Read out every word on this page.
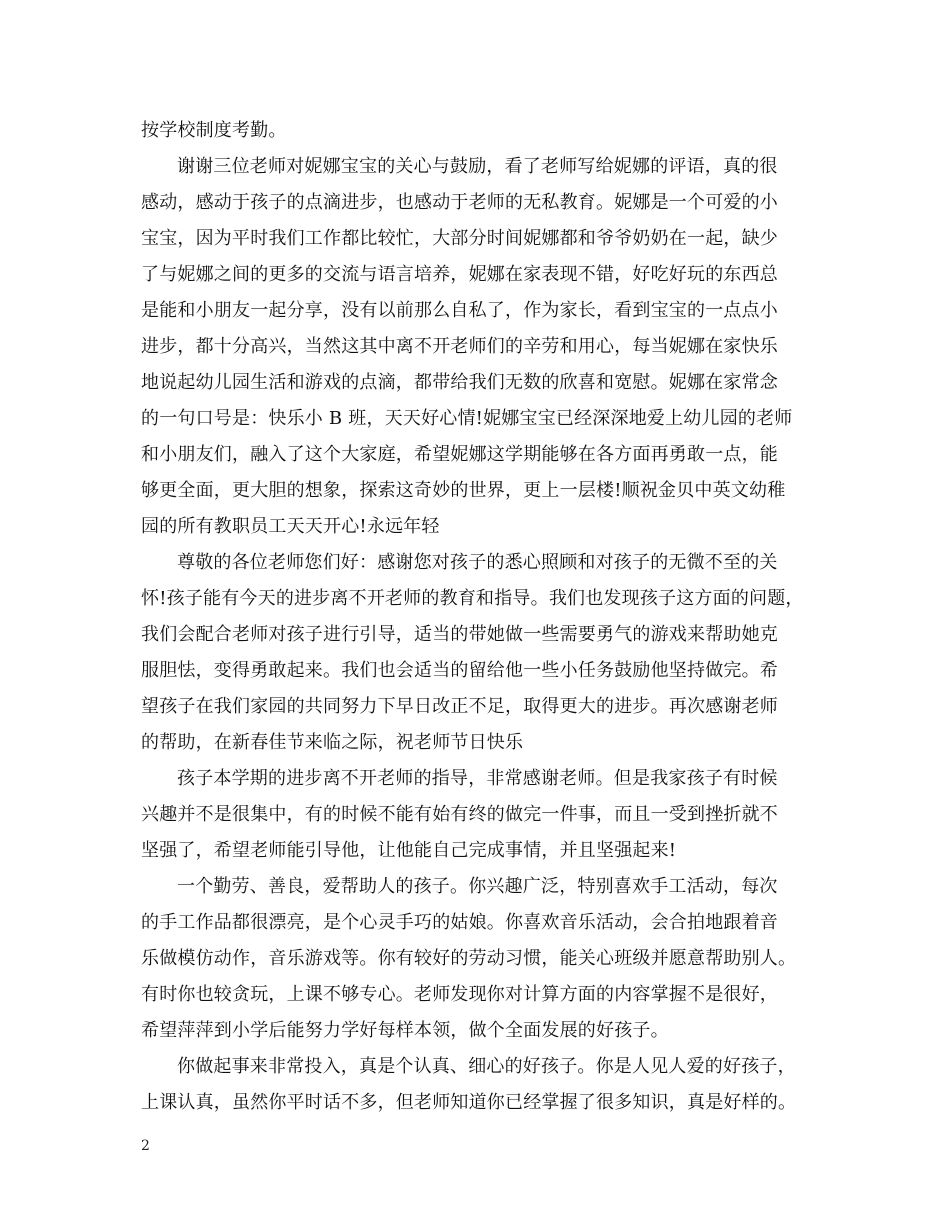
按学校制度考勤。
谢谢三位老师对妮娜宝宝的关心与鼓励，看了老师写给妮娜的评语，真的很
感动，感动于孩子的点滴进步，也感动于老师的无私教育。妮娜是一个可爱的小
宝宝，因为平时我们工作都比较忙，大部分时间妮娜都和爷爷奶奶在一起，缺少
了与妮娜之间的更多的交流与语言培养，妮娜在家表现不错，好吃好玩的东西总
是能和小朋友一起分享，没有以前那么自私了，作为家长，看到宝宝的一点点小
进步，都十分高兴，当然这其中离不开老师们的辛劳和用心，每当妮娜在家快乐
地说起幼儿园生活和游戏的点滴，都带给我们无数的欣喜和宽慰。妮娜在家常念
的一句口号是：快乐小 B 班，天天好心情!妮娜宝宝已经深深地爱上幼儿园的老师
和小朋友们，融入了这个大家庭，希望妮娜这学期能够在各方面再勇敢一点，能
够更全面，更大胆的想象，探索这奇妙的世界，更上一层楼!顺祝金贝中英文幼稚
园的所有教职员工天天开心!永远年轻
尊敬的各位老师您们好：感谢您对孩子的悉心照顾和对孩子的无微不至的关
怀!孩子能有今天的进步离不开老师的教育和指导。我们也发现孩子这方面的问题，
我们会配合老师对孩子进行引导，适当的带她做一些需要勇气的游戏来帮助她克
服胆怯，变得勇敢起来。我们也会适当的留给他一些小任务鼓励他坚持做完。希
望孩子在我们家园的共同努力下早日改正不足，取得更大的进步。再次感谢老师
的帮助，在新春佳节来临之际，祝老师节日快乐
孩子本学期的进步离不开老师的指导，非常感谢老师。但是我家孩子有时候
兴趣并不是很集中，有的时候不能有始有终的做完一件事，而且一受到挫折就不
坚强了，希望老师能引导他，让他能自己完成事情，并且坚强起来!
一个勤劳、善良，爱帮助人的孩子。你兴趣广泛，特别喜欢手工活动，每次
的手工作品都很漂亮，是个心灵手巧的姑娘。你喜欢音乐活动，会合拍地跟着音
乐做模仿动作，音乐游戏等。你有较好的劳动习惯，能关心班级并愿意帮助别人。
有时你也较贪玩，上课不够专心。老师发现你对计算方面的内容掌握不是很好，
希望萍萍到小学后能努力学好每样本领，做个全面发展的好孩子。
你做起事来非常投入，真是个认真、细心的好孩子。你是人见人爱的好孩子，
上课认真，虽然你平时话不多，但老师知道你已经掌握了很多知识，真是好样的。
2
